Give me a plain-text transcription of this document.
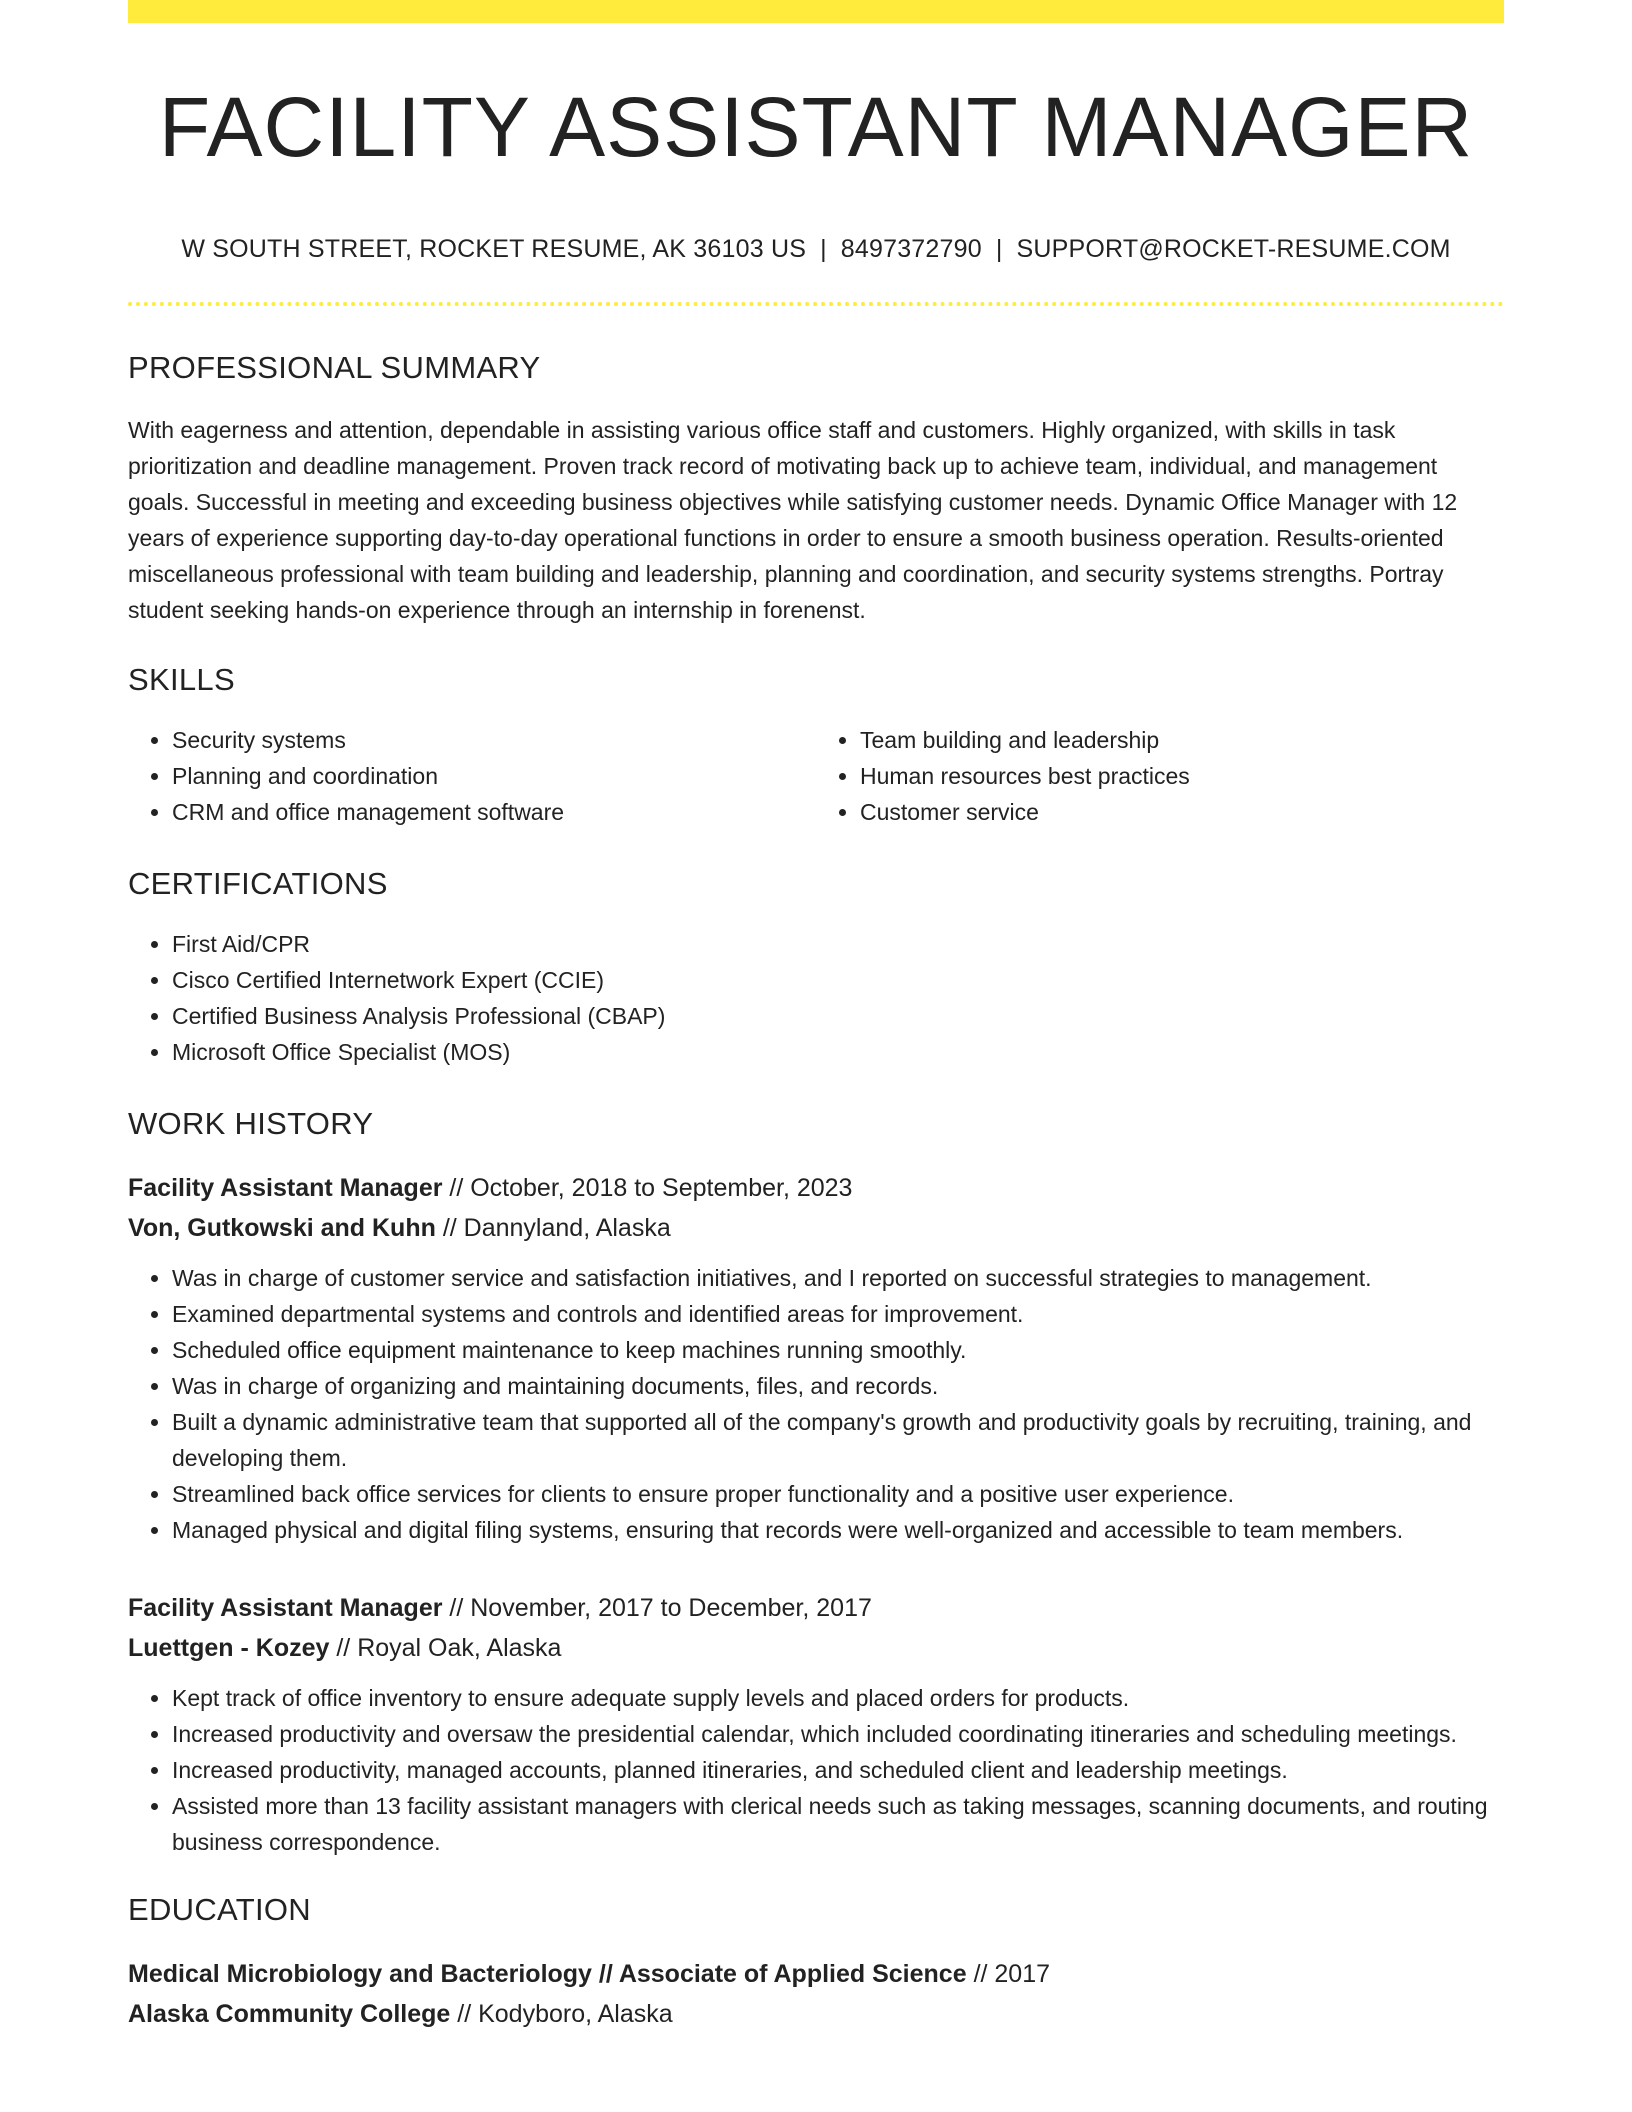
FACILITY ASSISTANT MANAGER
W SOUTH STREET, ROCKET RESUME, AK 36103 US | 8497372790 | SUPPORT@ROCKET-RESUME.COM
PROFESSIONAL SUMMARY
With eagerness and attention, dependable in assisting various office staff and customers. Highly organized, with skills in task prioritization and deadline management. Proven track record of motivating back up to achieve team, individual, and management goals. Successful in meeting and exceeding business objectives while satisfying customer needs. Dynamic Office Manager with 12 years of experience supporting day-to-day operational functions in order to ensure a smooth business operation. Results-oriented miscellaneous professional with team building and leadership, planning and coordination, and security systems strengths. Portray student seeking hands-on experience through an internship in forenenst.
SKILLS
• Security systems
• Planning and coordination
• CRM and office management software
• Team building and leadership
• Human resources best practices
• Customer service
CERTIFICATIONS
• First Aid/CPR
• Cisco Certified Internetwork Expert (CCIE)
• Certified Business Analysis Professional (CBAP)
• Microsoft Office Specialist (MOS)
WORK HISTORY
Facility Assistant Manager // October, 2018 to September, 2023
Von, Gutkowski and Kuhn // Dannyland, Alaska
• Was in charge of customer service and satisfaction initiatives, and I reported on successful strategies to management.
• Examined departmental systems and controls and identified areas for improvement.
• Scheduled office equipment maintenance to keep machines running smoothly.
• Was in charge of organizing and maintaining documents, files, and records.
• Built a dynamic administrative team that supported all of the company's growth and productivity goals by recruiting, training, and developing them.
• Streamlined back office services for clients to ensure proper functionality and a positive user experience.
• Managed physical and digital filing systems, ensuring that records were well-organized and accessible to team members.
Facility Assistant Manager // November, 2017 to December, 2017
Luettgen - Kozey // Royal Oak, Alaska
• Kept track of office inventory to ensure adequate supply levels and placed orders for products.
• Increased productivity and oversaw the presidential calendar, which included coordinating itineraries and scheduling meetings.
• Increased productivity, managed accounts, planned itineraries, and scheduled client and leadership meetings.
• Assisted more than 13 facility assistant managers with clerical needs such as taking messages, scanning documents, and routing business correspondence.
EDUCATION
Medical Microbiology and Bacteriology // Associate of Applied Science // 2017
Alaska Community College // Kodyboro, Alaska
